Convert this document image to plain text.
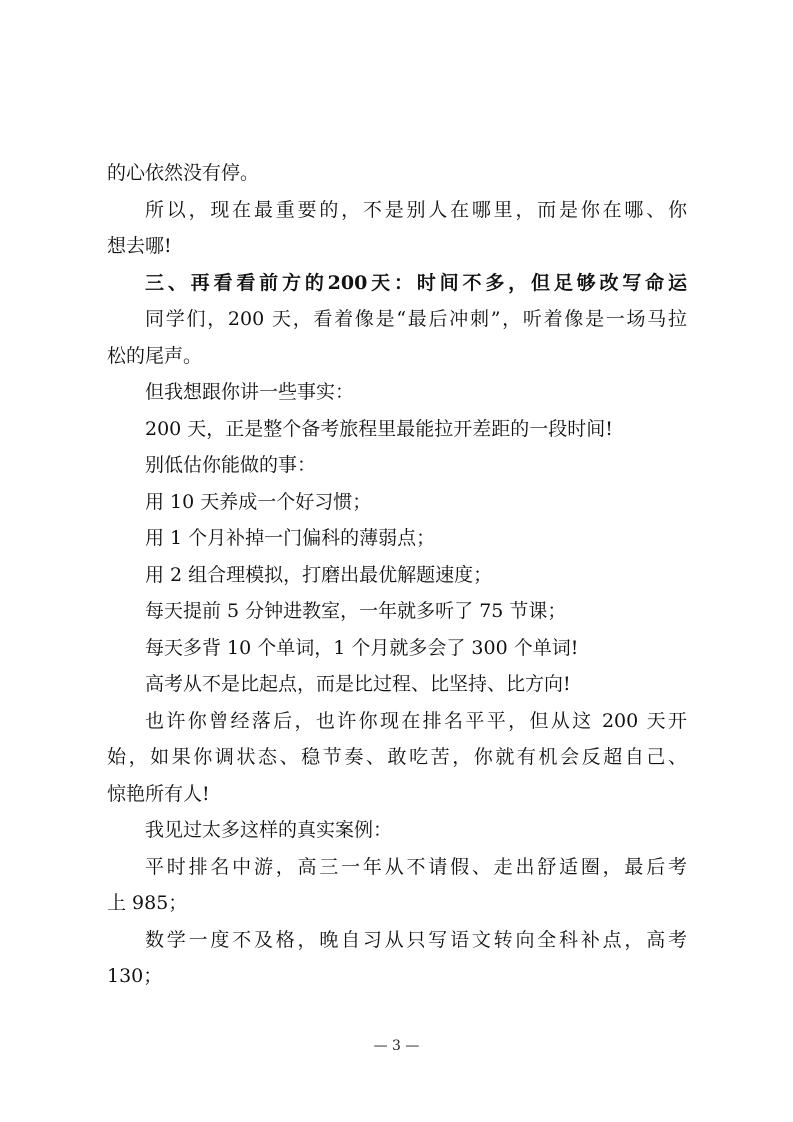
的心依然没有停。
所以，现在最重要的，不是别人在哪里，而是你在哪、你
想去哪!
三、再看看前方的200天：时间不多，但足够改写命运
同学们，200 天，看着像是“最后冲刺”，听着像是一场马拉
松的尾声。
但我想跟你讲一些事实：
200 天，正是整个备考旅程里最能拉开差距的一段时间!
别低估你能做的事：
用 10 天养成一个好习惯；
用 1 个月补掉一门偏科的薄弱点；
用 2 组合理模拟，打磨出最优解题速度；
每天提前 5 分钟进教室，一年就多听了 75 节课；
每天多背 10 个单词，1 个月就多会了 300 个单词!
高考从不是比起点，而是比过程、比坚持、比方向!
也许你曾经落后，也许你现在排名平平，但从这 200 天开
始，如果你调状态、稳节奏、敢吃苦，你就有机会反超自己、
惊艳所有人!
我见过太多这样的真实案例：
平时排名中游，高三一年从不请假、走出舒适圈，最后考
上 985；
数学一度不及格，晚自习从只写语文转向全科补点，高考
130；
— 3 —
